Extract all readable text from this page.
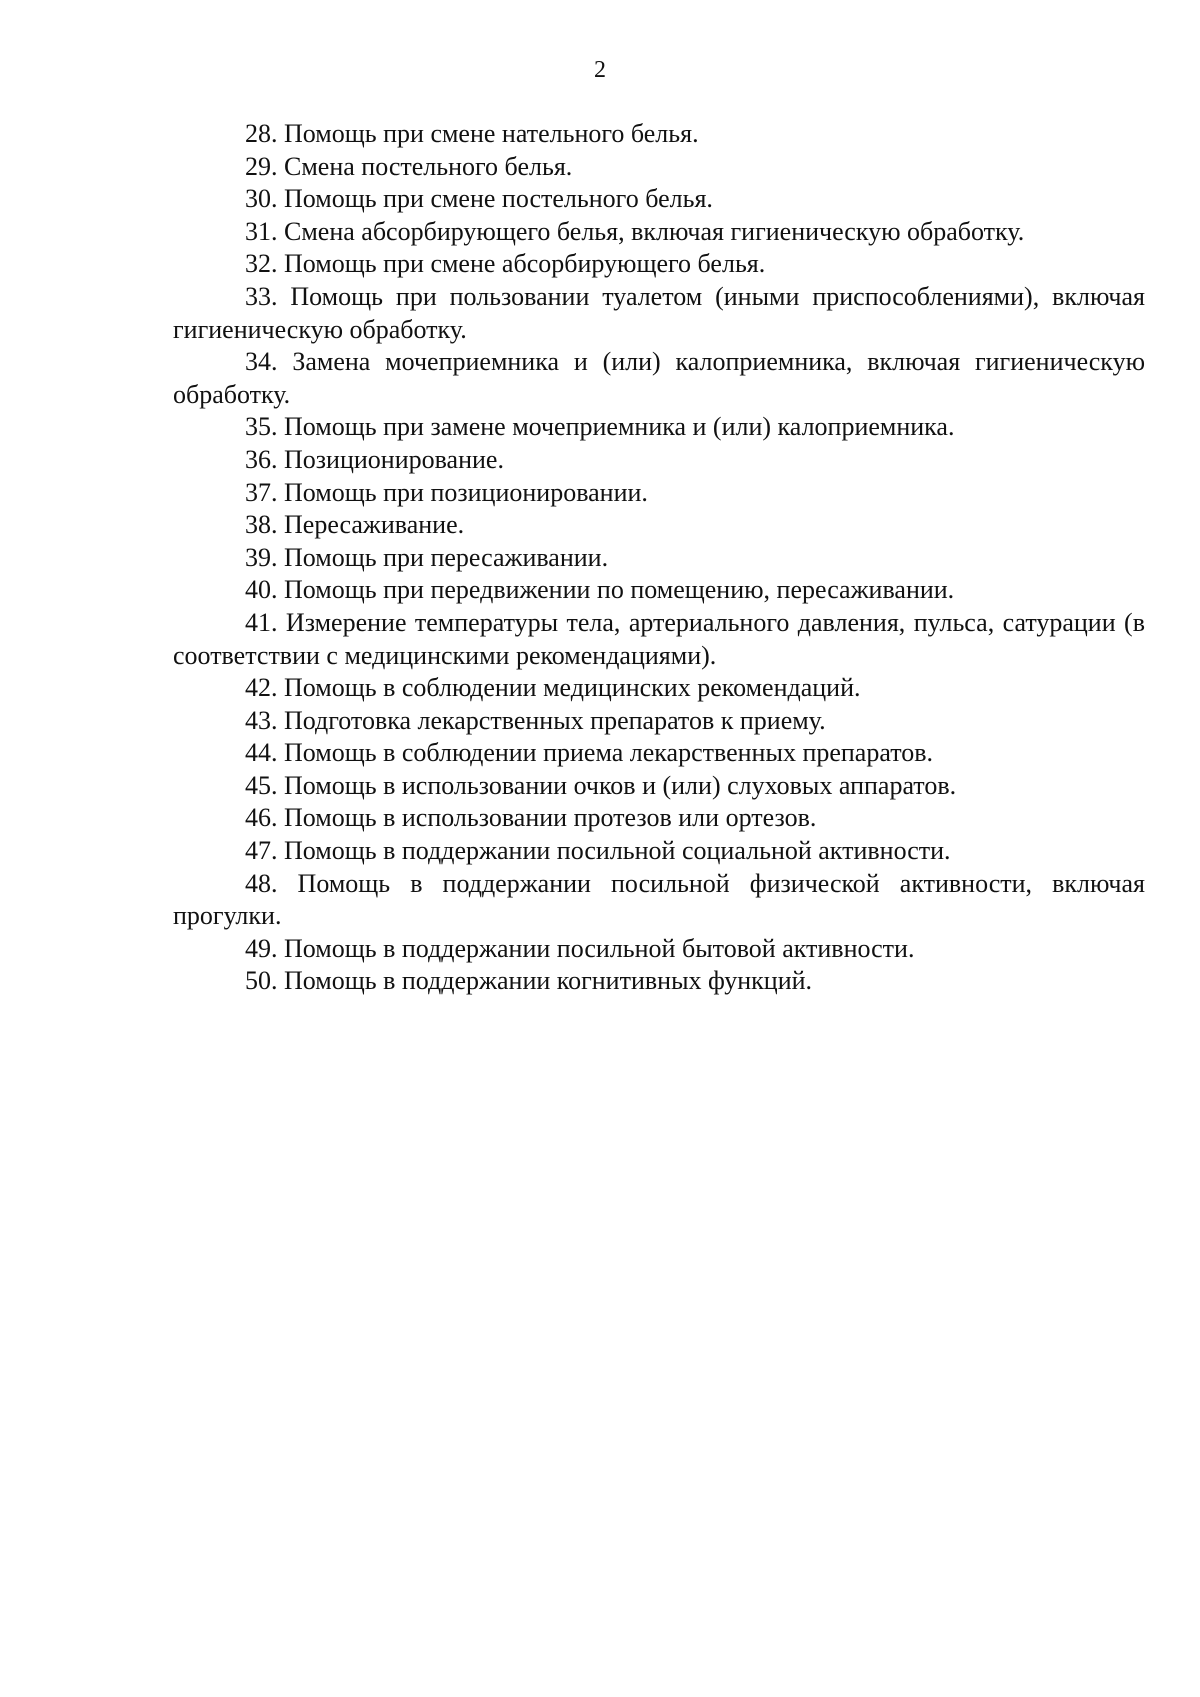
2
28. Помощь при смене нательного белья.
29. Смена постельного белья.
30. Помощь при смене постельного белья.
31. Смена абсорбирующего белья, включая гигиеническую обработку.
32. Помощь при смене абсорбирующего белья.
33. Помощь при пользовании туалетом (иными приспособлениями), включая гигиеническую обработку.
34. Замена мочеприемника и (или) калоприемника, включая гигиеническую обработку.
35. Помощь при замене мочеприемника и (или) калоприемника.
36. Позиционирование.
37. Помощь при позиционировании.
38. Пересаживание.
39. Помощь при пересаживании.
40. Помощь при передвижении по помещению, пересаживании.
41. Измерение температуры тела, артериального давления, пульса, сатурации (в соответствии с медицинскими рекомендациями).
42. Помощь в соблюдении медицинских рекомендаций.
43. Подготовка лекарственных препаратов к приему.
44. Помощь в соблюдении приема лекарственных препаратов.
45. Помощь в использовании очков и (или) слуховых аппаратов.
46. Помощь в использовании протезов или ортезов.
47. Помощь в поддержании посильной социальной активности.
48. Помощь в поддержании посильной физической активности, включая прогулки.
49. Помощь в поддержании посильной бытовой активности.
50. Помощь в поддержании когнитивных функций.
